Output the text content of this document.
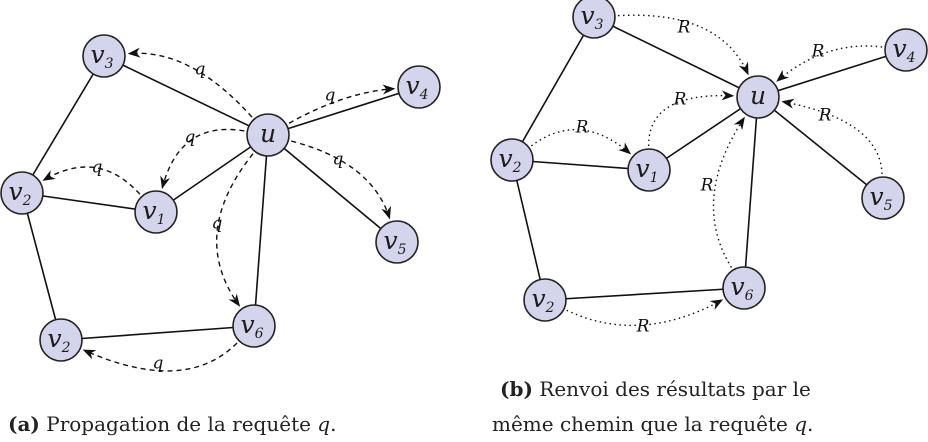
q
q
q
q
q
q
q
u
v3
v4
v2	v1
v5
v6
v2
R
R
R
R
R
R
R
u
v3
v4
v2	v1
v5
v6
v2
(a) Propagation de la requête q.
(b) Renvoi des résultats par le
même chemin que la requête q.
